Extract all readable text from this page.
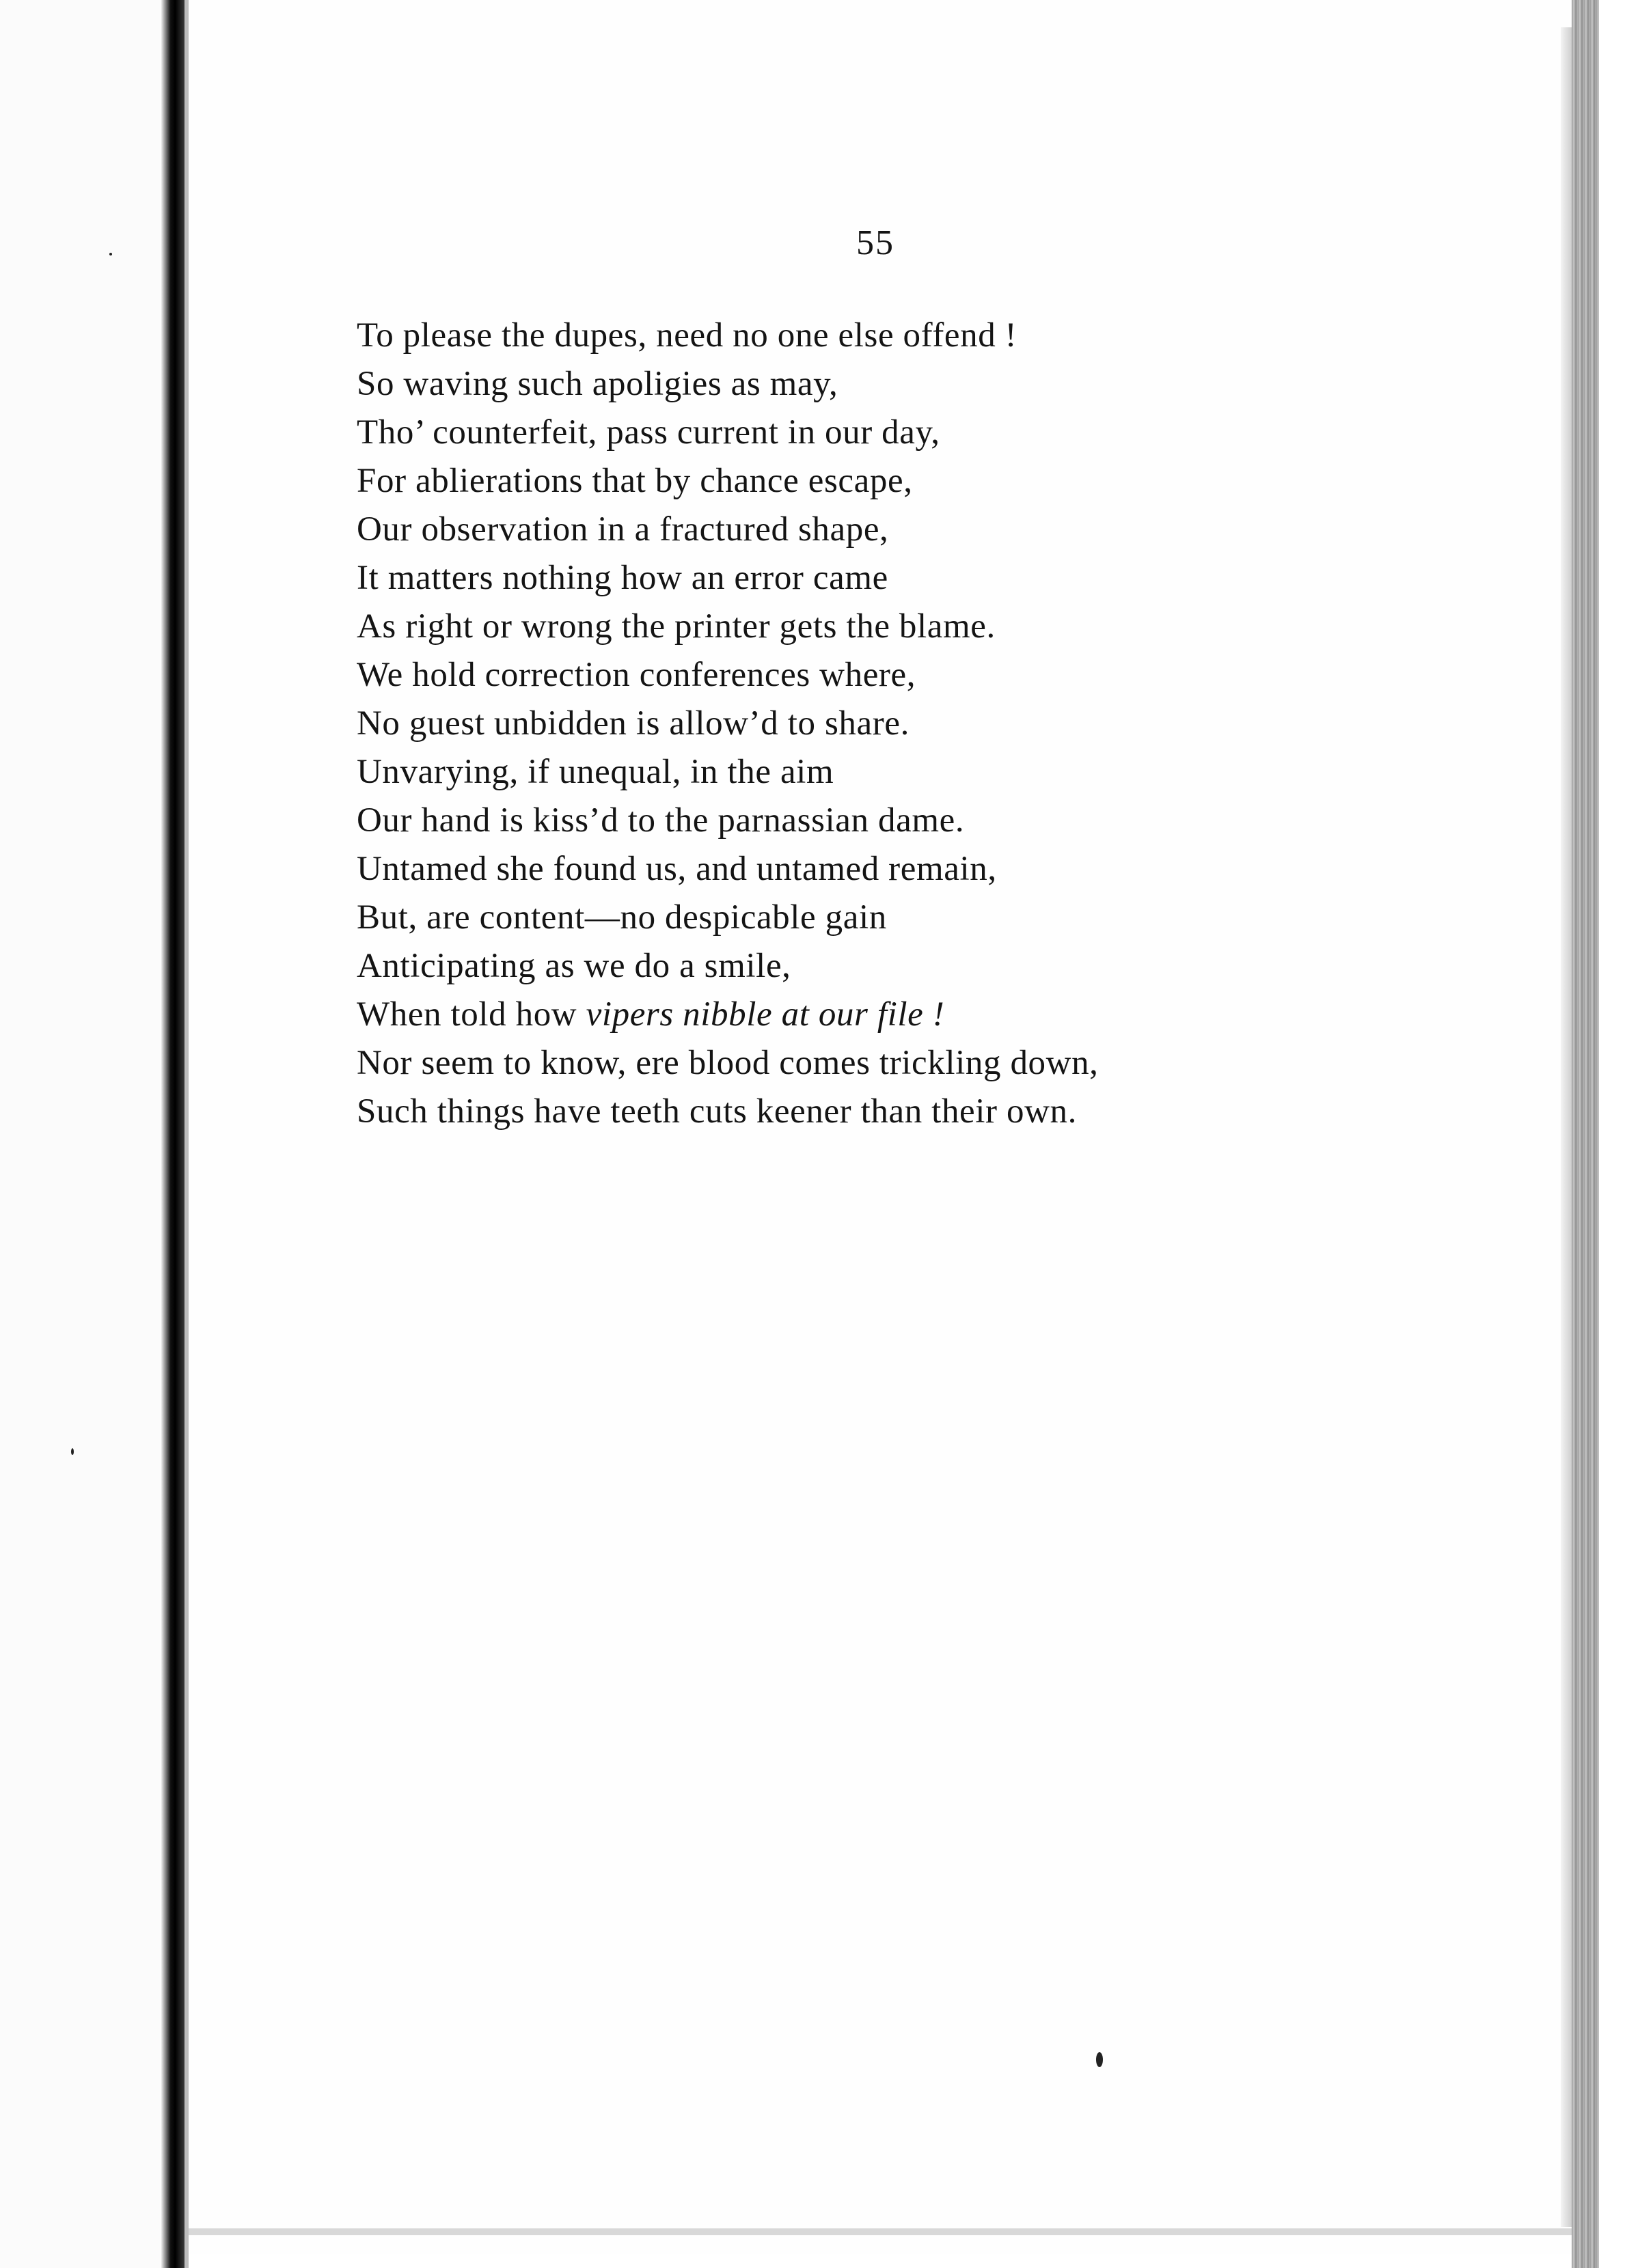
55
To please the dupes, need no one else offend !
So waving such apoligies as may,
Tho’ counterfeit, pass current in our day,
For ablierations that by chance escape,
Our observation in a fractured shape,
It matters nothing how an error came
As right or wrong the printer gets the blame.
We hold correction conferences where,
No guest unbidden is allow’d to share.
Unvarying, if unequal, in the aim
Our hand is kiss’d to the parnassian dame.
Untamed she found us, and untamed remain,
But, are content—no despicable gain
Anticipating as we do a smile,
When told how vipers nibble at our file !
Nor seem to know, ere blood comes trickling down,
Such things have teeth cuts keener than their own.
